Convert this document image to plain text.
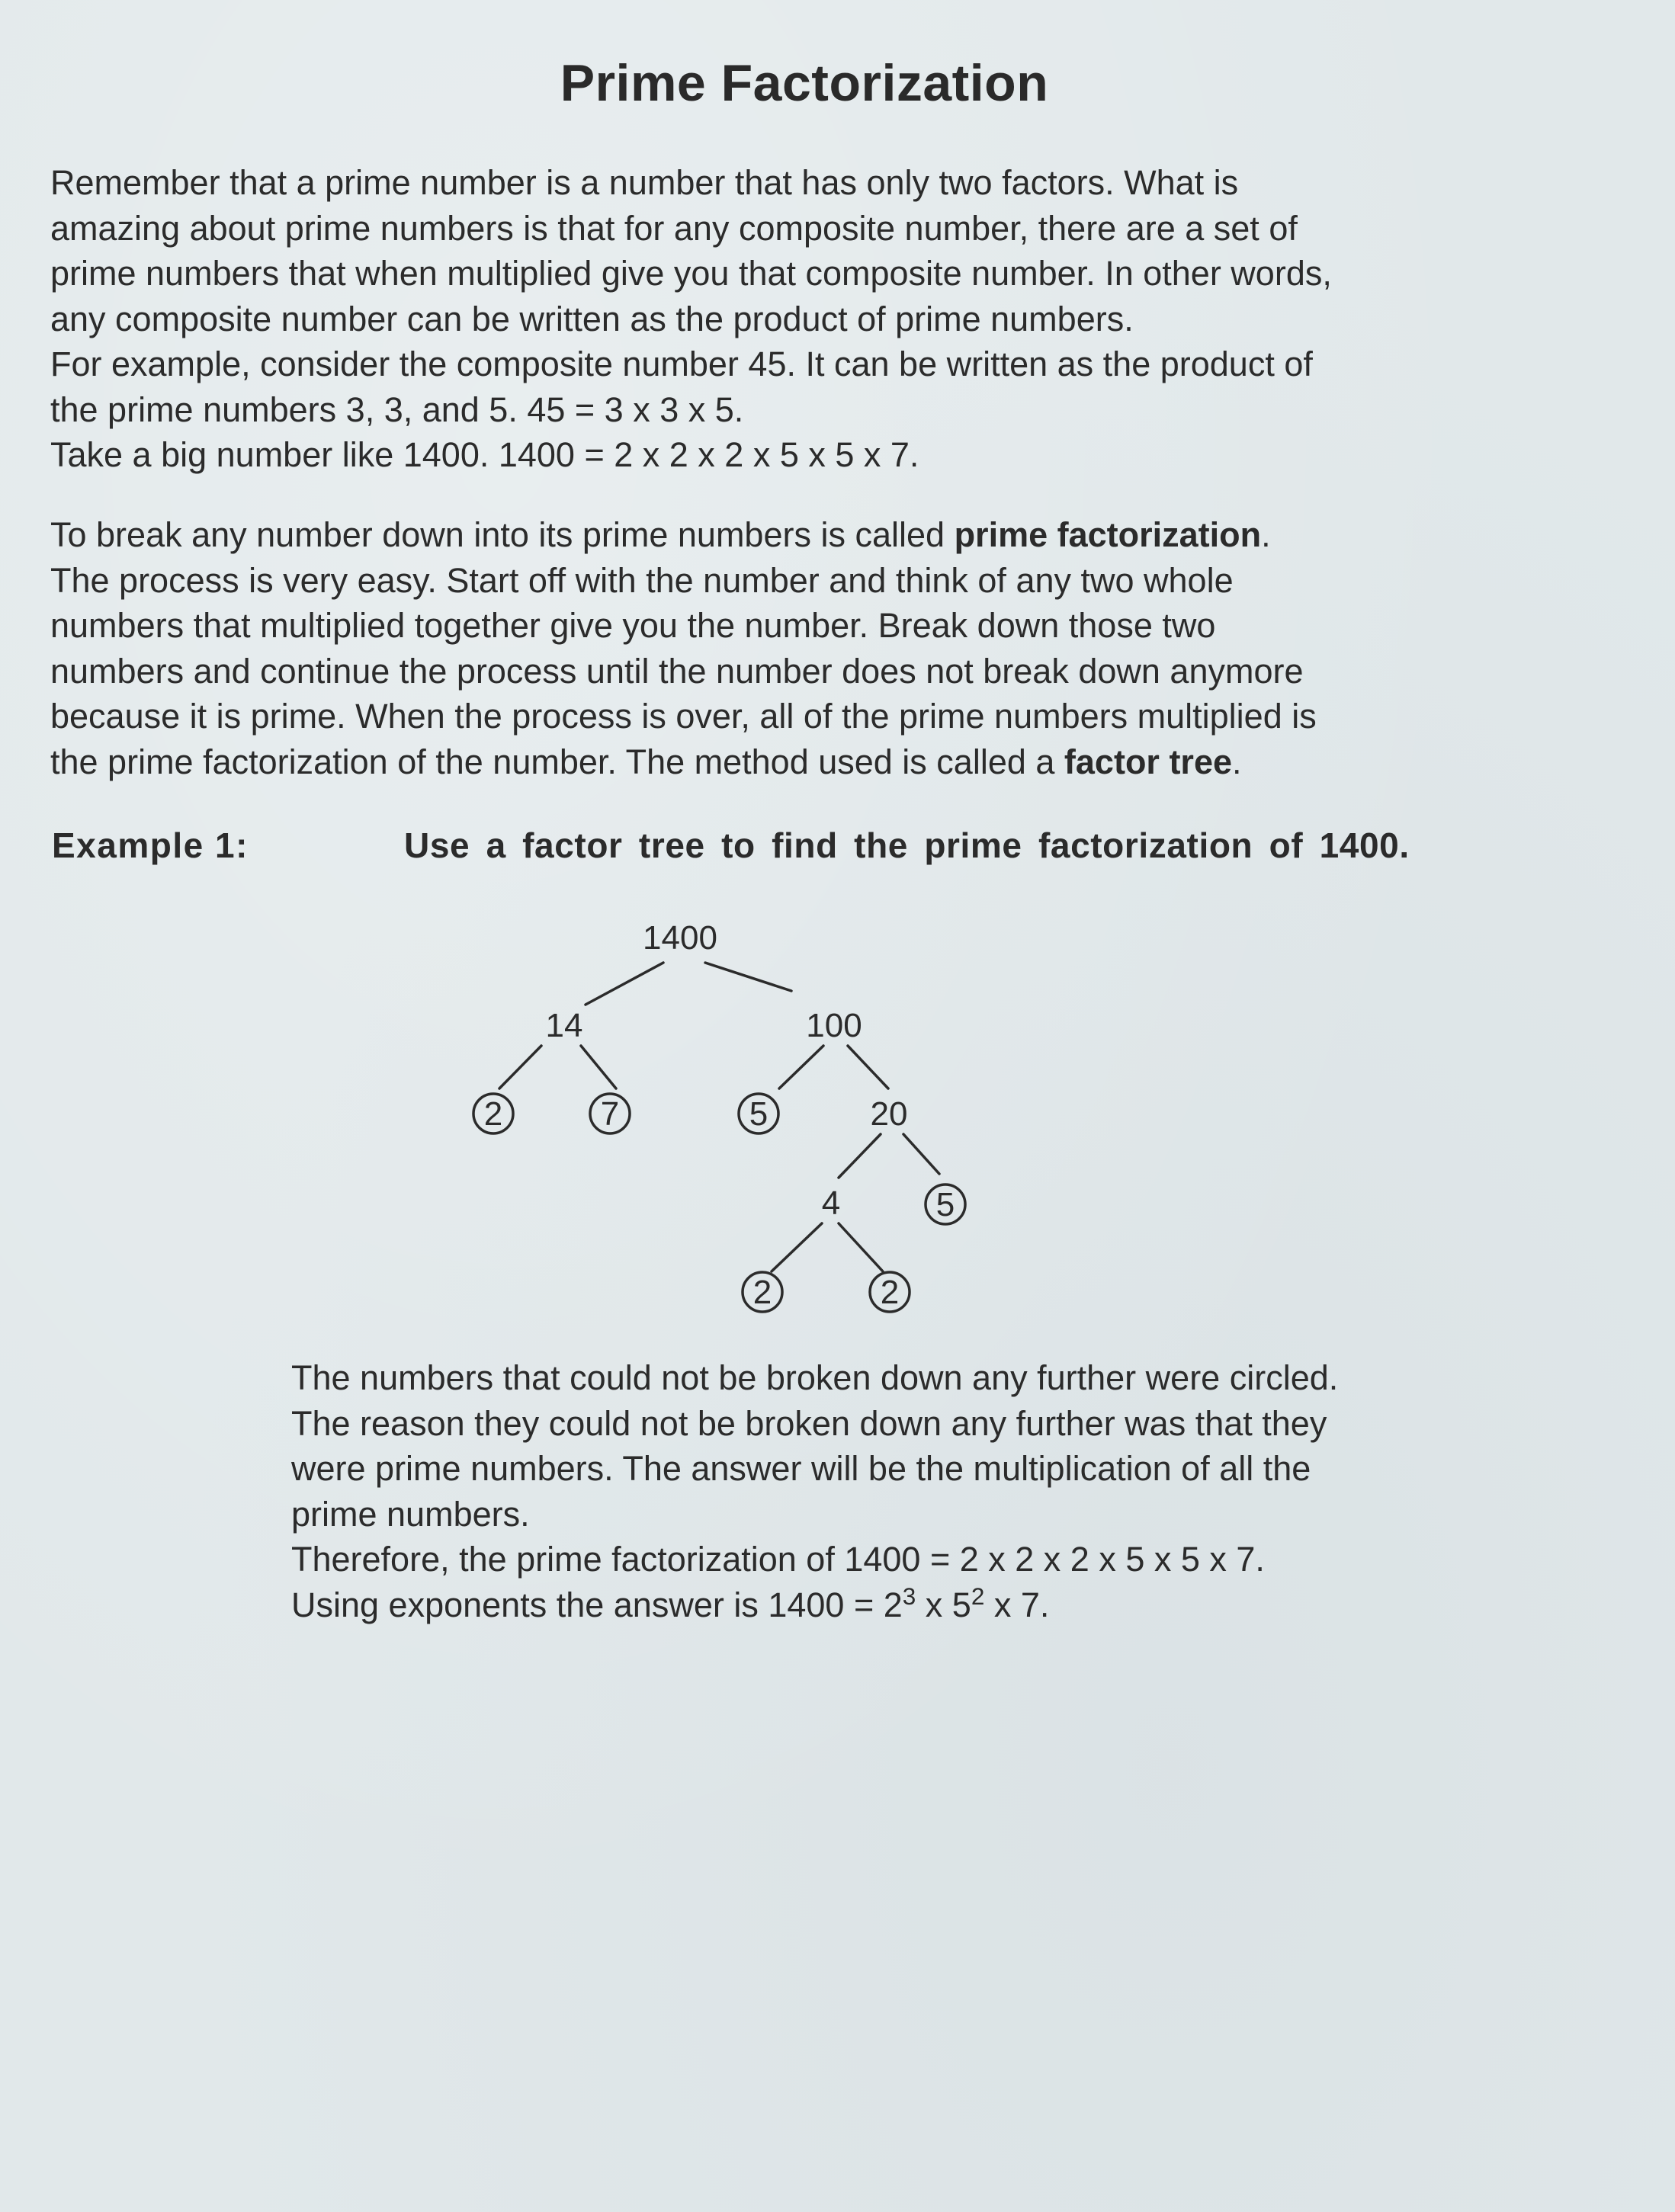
Prime Factorization
Remember that a prime number is a number that has only two factors. What is
amazing about prime numbers is that for any composite number, there are a set of
prime numbers that when multiplied give you that composite number. In other words,
any composite number can be written as the product of prime numbers.
For example, consider the composite number 45. It can be written as the product of
the prime numbers 3, 3, and 5. 45 = 3 x 3 x 5.
Take a big number like 1400. 1400 = 2 x 2 x 2 x 5 x 5 x 7.
To break any number down into its prime numbers is called prime factorization.
The process is very easy. Start off with the number and think of any two whole
numbers that multiplied together give you the number. Break down those two
numbers and continue the process until the number does not break down anymore
because it is prime. When the process is over, all of the prime numbers multiplied is
the prime factorization of the number. The method used is called a factor tree.
Example 1:	Use a factor tree to find the prime factorization of 1400.
1400
14	100
2	7	5	20
4	5
2	2
The numbers that could not be broken down any further were circled.
The reason they could not be broken down any further was that they
were prime numbers. The answer will be the multiplication of all the
prime numbers.
Therefore, the prime factorization of 1400 = 2 x 2 x 2 x 5 x 5 x 7.
Using exponents the answer is $1400 = 2^3$ x $5^2$ x 7.
